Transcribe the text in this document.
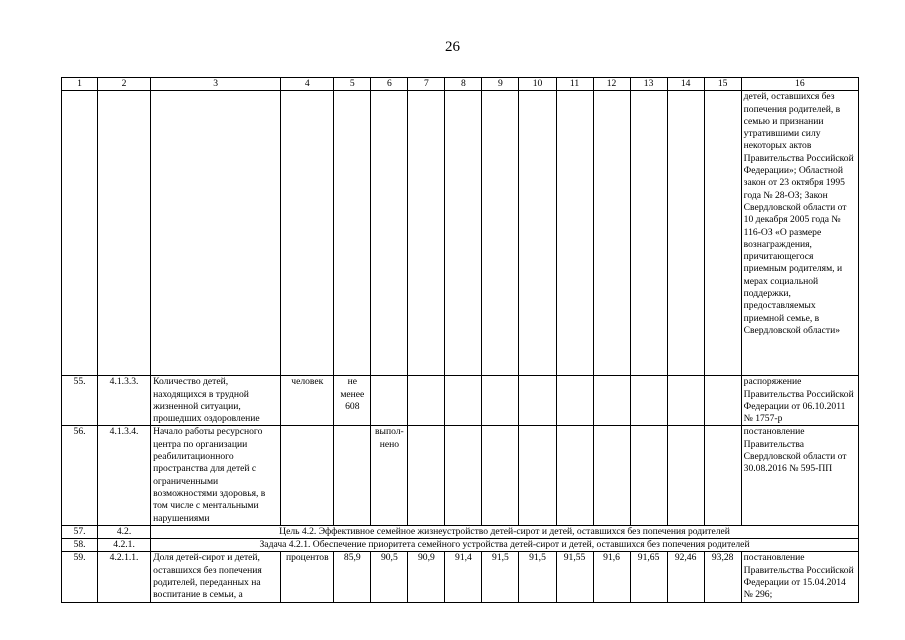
26
1	2	3	4	5	6	7	8	9	10	11	12	13	14	15	16
															детей, оставшихся без попечения родителей, в семью и признании утратившими силу некоторых актов Правительства Российской Федерации»; Областной закон от 23 октября 1995 года № 28-ОЗ; Закон Свердловской области от 10 декабря 2005 года № 116-ОЗ «О размере вознаграждения, причитающегося приемным родителям, и мерах социальной поддержки, предоставляемых приемной семье, в Свердловской области»
55.	4.1.3.3.	Количество детей, находящихся в трудной жизненной ситуации, прошедших оздоровление	человек	не менее 608											распоряжение Правительства Российской Федерации от 06.10.2011 № 1757-р
56.	4.1.3.4.	Начало работы ресурсного центра по организации реабилитационного пространства для детей с ограниченными возможностями здоровья, в том числе с ментальными нарушениями			выпол-нено										постановление Правительства Свердловской области от 30.08.2016 № 595-ПП
57.	4.2.	Цель 4.2. Эффективное семейное жизнеустройство детей-сирот и детей, оставшихся без попечения родителей													
58.	4.2.1.	Задача 4.2.1. Обеспечение приоритета семейного устройства детей-сирот и детей, оставшихся без попечения родителей													
59.	4.2.1.1.	Доля детей-сирот и детей, оставшихся без попечения родителей, переданных на воспитание в семьи, а	процентов	85,9	90,5	90,9	91,4	91,5	91,5	91,55	91,6	91,65	92,46	93,28	постановление Правительства Российской Федерации от 15.04.2014 № 296;
